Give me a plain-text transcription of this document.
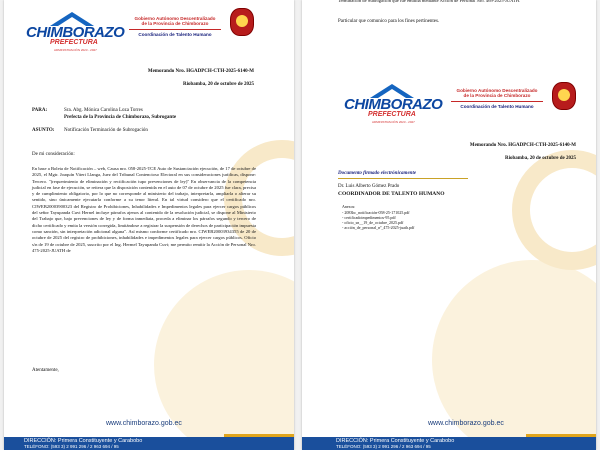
CHIMBORAZO
PREFECTURA
ADMINISTRACIÓN 2023 - 2027
Gobierno Autónomo Descentralizado
de la Provincia de Chimborazo
Coordinación de Talento Humano
Memorando Nro. HGADPCH-CTH-2025-6140-M
Riobamba, 20 de octubre de 2025
PARA:	Sra. Abg. Mónica Carolina Loza Torres
Prefecta de la Provincia de Chimborazo, Subrogante
ASUNTO: Notificación Terminación de Subrogación
De mi consideración:
En base a Boleta de Notificación – web, Causa nro. 058-2025-TCE Auto de Sustanciación ejecución, de 17 de octubre de 2025, el Mgtr. Joaquín Viteri Llanga, Juez del Tribunal Contencioso Electoral en sus consideraciones jurídicas, dispone: Tercero. "(requerimiento de eliminación y rectificación tupo prevenciones de ley)" En observancia de la competencia judicial en fase de ejecución, se reitera que la disposición contenida en el auto de 07 de octubre de 2025 fue clara, precisa y de cumplimiento obligatorio, por lo que no corresponde al ministerio del trabajo, interpretarla, ampliarla o alterar su sentido, sino únicamente ejecutarla conforme a su tenor literal. En tal virtud considero que el certificado nro. CIWEB20003900323 del Registro de Prohibiciones, Inhabilidades e Impedimentos legales para ejercer cargos públicos del señor Tayupanda Cuvi Hernel incluye párrafos ajenos al contenido de la resolución judicial, se dispone al Ministerio del Trabajo que, bajo prevenciones de ley y de forma inmediata, proceda a eliminar los párrafos segundo y tercero de dicho certificado y emita la versión corregida, limitándose a registrar la suspensión de derechos de participación impuesta como sanción, sin interpretación adicional alguna". Así mismo conforme certificado nro. CIWEB20003934355 de 20 de octubre de 2025 del registro de prohibiciones, inhabilidades e impedimentos legales para ejercer cargos públicos. Oficio s/n de 19 de octubre de 2025, suscrito por el Ing. Hermel Tayupanda Cuvi; me permito remitir la Acción de Personal Nro. 475-2025-JUATH de
Atentamente,
www.chimborazo.gob.ec
DIRECCIÓN: Primera Constituyente y Carabobo
TELÉFONO: (593 3) 2 991 296 / 2 963 694 / 95
Terminación de Subrogación que fue emitida mediante Acción de Personal Nro. 469-2025-JUATH.
Particular que comunico para los fines pertinentes.
CHIMBORAZO
PREFECTURA
ADMINISTRACIÓN 2023 - 2027
Gobierno Autónomo Descentralizado
de la Provincia de Chimborazo
Coordinación de Talento Humano
Memorando Nro. HGADPCH-CTH-2025-6140-M
Riobamba, 20 de octubre de 2025
Documento firmado electrónicamente
Dr. Luis Alberto Gómez Prado
COORDINADOR DE TALENTO HUMANO
Anexos:
- 2083hc_notificación-058-25-171025.pdf
- certificadoimpedimentos-95.pdf
- oficio_sn__19_de_octubre_2025.pdf
- acción_de_personal_nº_475-2025-juath.pdf
www.chimborazo.gob.ec
DIRECCIÓN: Primera Constituyente y Carabobo
TELÉFONO: (593 3) 2 991 296 / 2 963 694 / 95
